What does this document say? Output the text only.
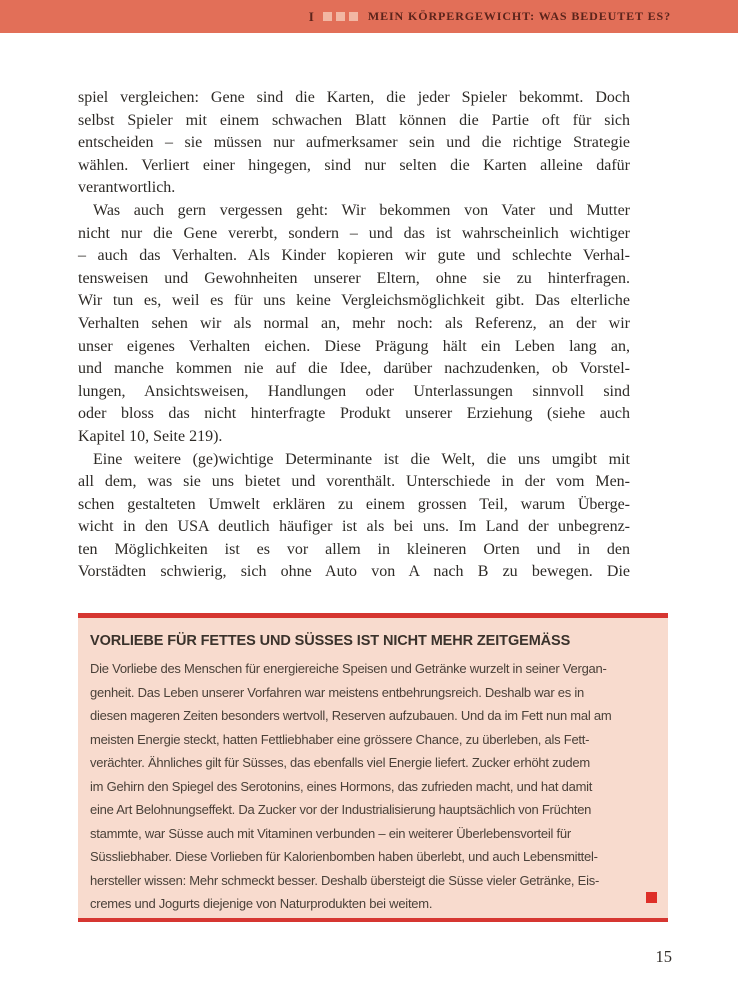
I	MEIN KÖRPERGEWICHT: WAS BEDEUTET ES?
spiel vergleichen: Gene sind die Karten, die jeder Spieler bekommt. Doch
selbst Spieler mit einem schwachen Blatt können die Partie oft für sich
entscheiden – sie müssen nur aufmerksamer sein und die richtige Strategie
wählen. Verliert einer hingegen, sind nur selten die Karten alleine dafür
verantwortlich.
Was auch gern vergessen geht: Wir bekommen von Vater und Mutter
nicht nur die Gene vererbt, sondern – und das ist wahrscheinlich wichtiger
– auch das Verhalten. Als Kinder kopieren wir gute und schlechte Verhal-
tensweisen und Gewohnheiten unserer Eltern, ohne sie zu hinterfragen.
Wir tun es, weil es für uns keine Vergleichsmöglichkeit gibt. Das elterliche
Verhalten sehen wir als normal an, mehr noch: als Referenz, an der wir
unser eigenes Verhalten eichen. Diese Prägung hält ein Leben lang an,
und manche kommen nie auf die Idee, darüber nachzudenken, ob Vorstel-
lungen, Ansichtsweisen, Handlungen oder Unterlassungen sinnvoll sind
oder bloss das nicht hinterfragte Produkt unserer Erziehung (siehe auch
Kapitel 10, Seite 219).
Eine weitere (ge)wichtige Determinante ist die Welt, die uns umgibt mit
all dem, was sie uns bietet und vorenthält. Unterschiede in der vom Men-
schen gestalteten Umwelt erklären zu einem grossen Teil, warum Überge-
wicht in den USA deutlich häufiger ist als bei uns. Im Land der unbegrenz-
ten Möglichkeiten ist es vor allem in kleineren Orten und in den
Vorstädten schwierig, sich ohne Auto von A nach B zu bewegen. Die
VORLIEBE FÜR FETTES UND SÜSSES IST NICHT MEHR ZEITGEMÄSS
Die Vorliebe des Menschen für energiereiche Speisen und Getränke wurzelt in seiner Vergan-
genheit. Das Leben unserer Vorfahren war meistens entbehrungsreich. Deshalb war es in
diesen mageren Zeiten besonders wertvoll, Reserven aufzubauen. Und da im Fett nun mal am
meisten Energie steckt, hatten Fettliebhaber eine grössere Chance, zu überleben, als Fett-
verächter. Ähnliches gilt für Süsses, das ebenfalls viel Energie liefert. Zucker erhöht zudem
im Gehirn den Spiegel des Serotonins, eines Hormons, das zufrieden macht, und hat damit
eine Art Belohnungseffekt. Da Zucker vor der Industrialisierung hauptsächlich von Früchten
stammte, war Süsse auch mit Vitaminen verbunden – ein weiterer Überlebensvorteil für
Süssliebhaber. Diese Vorlieben für Kalorienbomben haben überlebt, und auch Lebensmittel-
hersteller wissen: Mehr schmeckt besser. Deshalb übersteigt die Süsse vieler Getränke, Eis-
cremes und Jogurts diejenige von Naturprodukten bei weitem.
15
